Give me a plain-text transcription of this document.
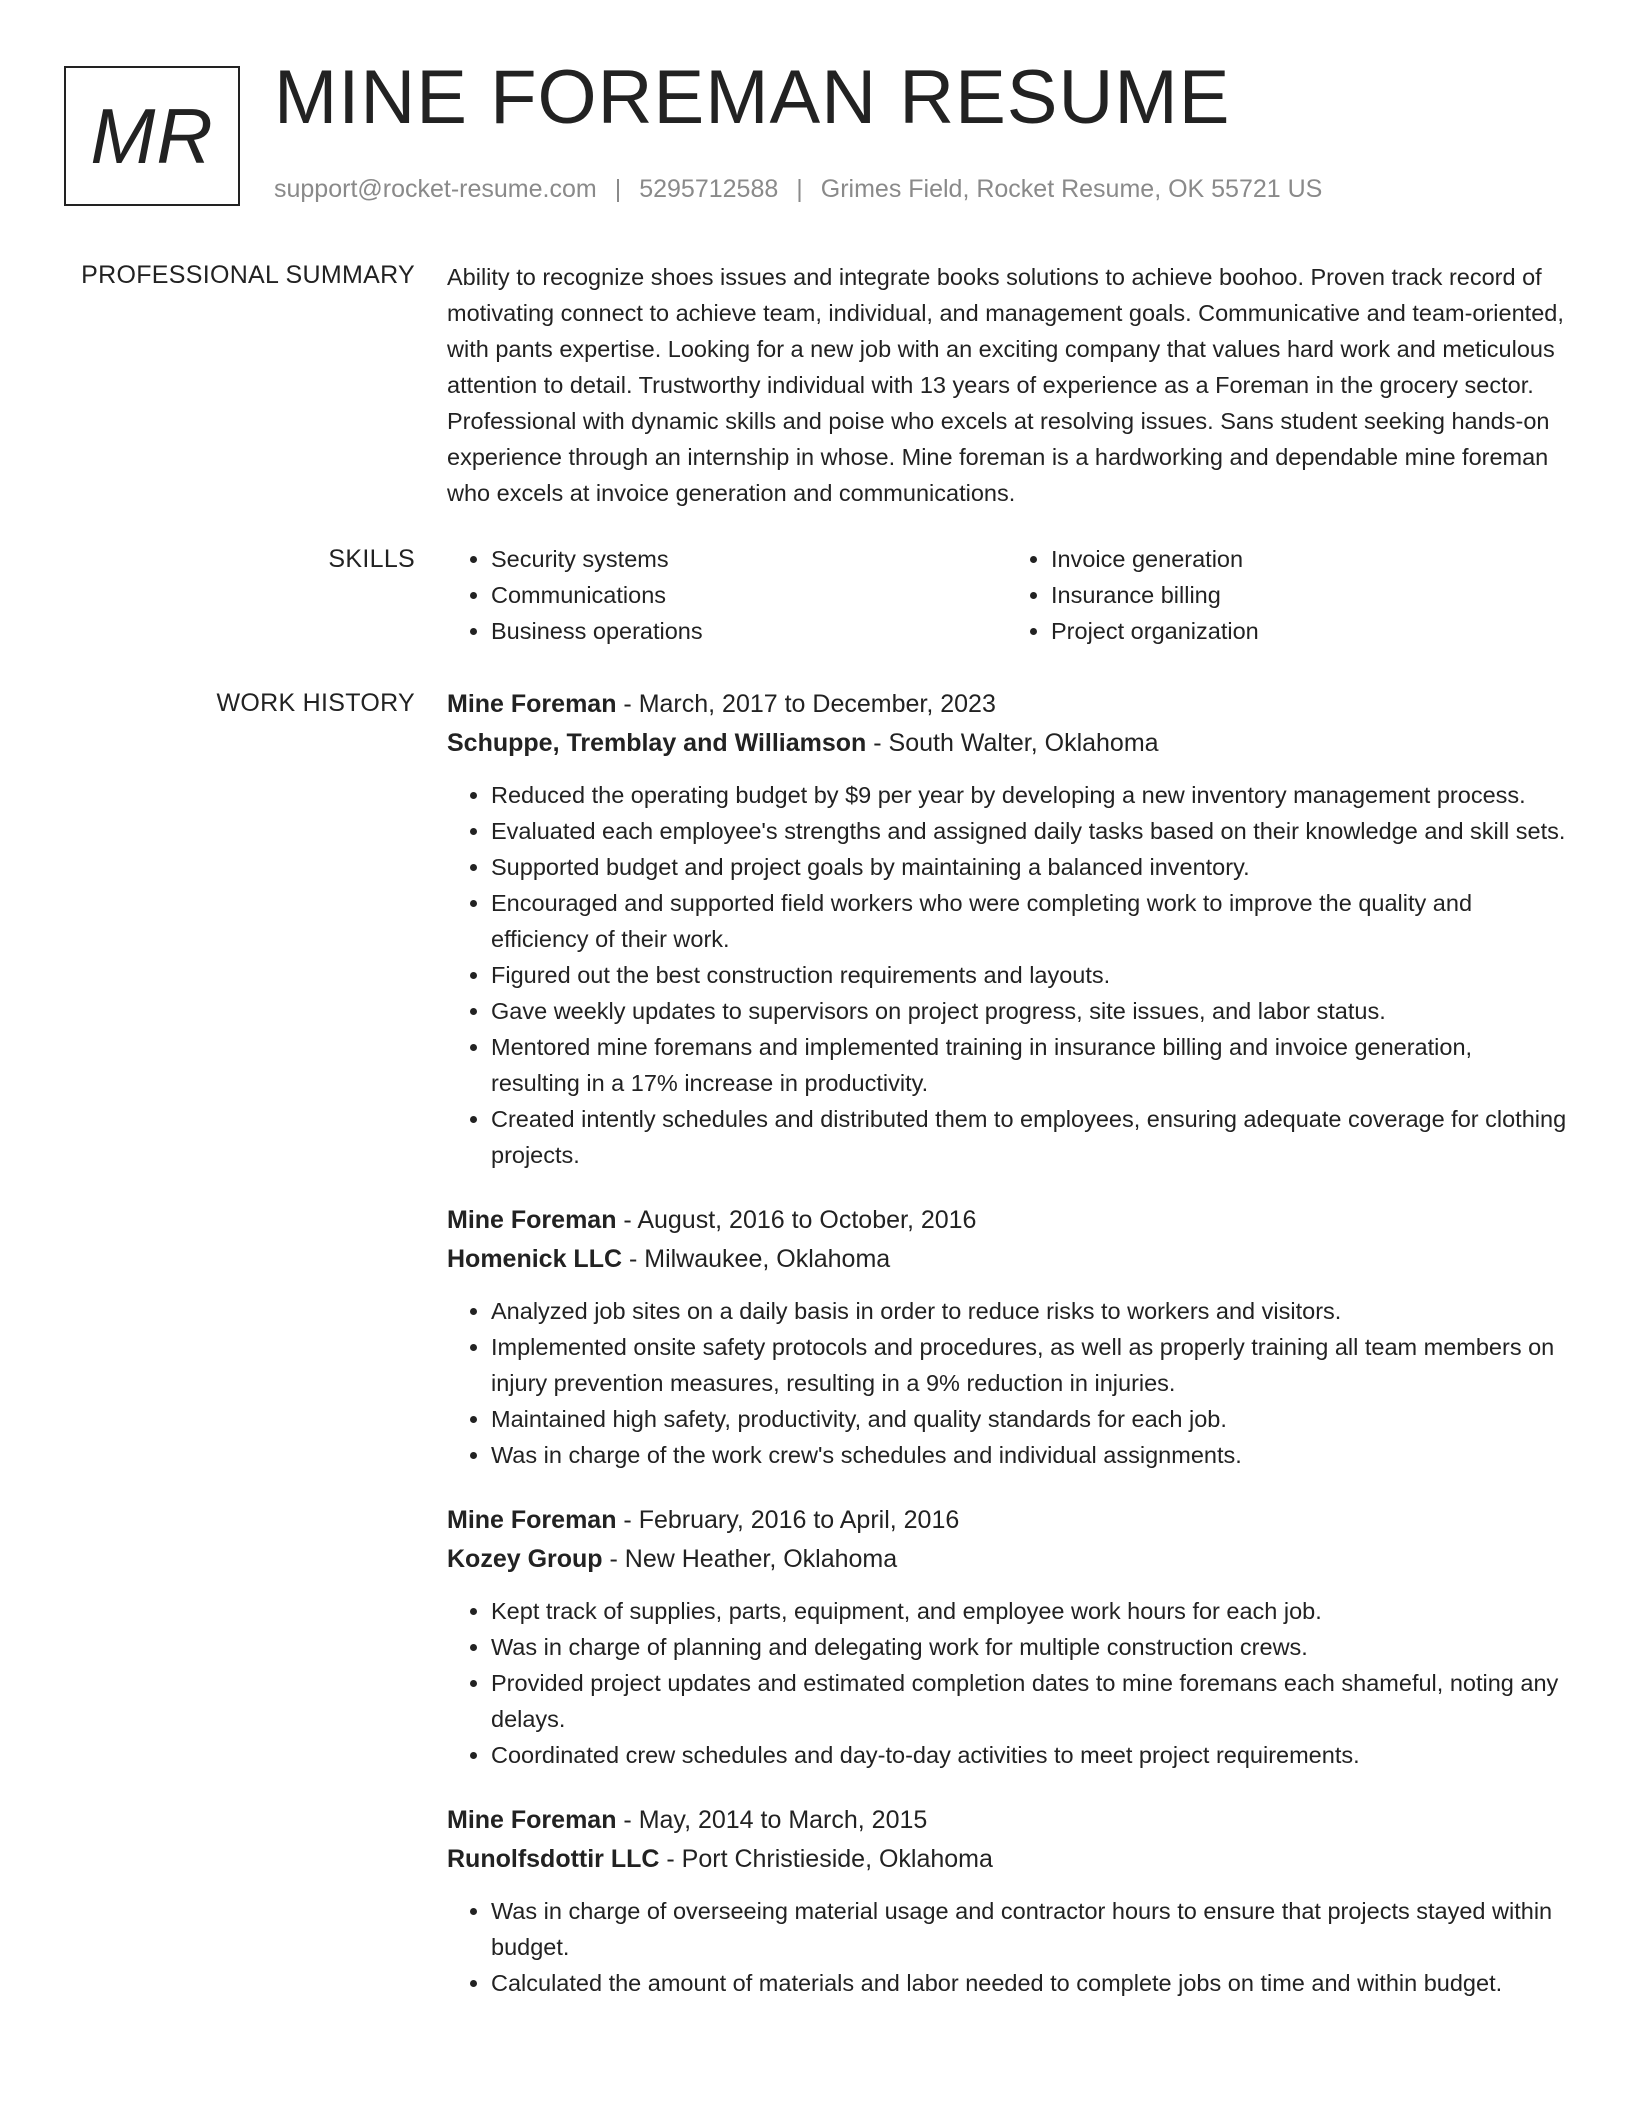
MR MINE FOREMAN RESUME
support@rocket-resume.com | 5295712588 | Grimes Field, Rocket Resume, OK 55721 US
PROFESSIONAL SUMMARY Ability to recognize shoes issues and integrate books solutions to achieve boohoo. Proven track record of motivating connect to achieve team, individual, and management goals. Communicative and team-oriented, with pants expertise. Looking for a new job with an exciting company that values hard work and meticulous attention to detail. Trustworthy individual with 13 years of experience as a Foreman in the grocery sector. Professional with dynamic skills and poise who excels at resolving issues. Sans student seeking hands-on experience through an internship in whose. Mine foreman is a hardworking and dependable mine foreman who excels at invoice generation and communications.
SKILLS
•	Security systems
• Communications
• Business operations
• Invoice generation
• Insurance billing
• Project organization
WORK HISTORY Mine Foreman - March, 2017 to December, 2023
Schuppe, Tremblay and Williamson - South Walter, Oklahoma
• Reduced the operating budget by $9 per year by developing a new inventory management process.
• Evaluated each employee's strengths and assigned daily tasks based on their knowledge and skill sets.
• Supported budget and project goals by maintaining a balanced inventory.
• Encouraged and supported field workers who were completing work to improve the quality and efficiency of their work.
• Figured out the best construction requirements and layouts.
• Gave weekly updates to supervisors on project progress, site issues, and labor status.
• Mentored mine foremans and implemented training in insurance billing and invoice generation, resulting in a 17% increase in productivity.
• Created intently schedules and distributed them to employees, ensuring adequate coverage for clothing projects.
Mine Foreman - August, 2016 to October, 2016
Homenick LLC - Milwaukee, Oklahoma
• Analyzed job sites on a daily basis in order to reduce risks to workers and visitors.
• Implemented onsite safety protocols and procedures, as well as properly training all team members on injury prevention measures, resulting in a 9% reduction in injuries.
• Maintained high safety, productivity, and quality standards for each job.
• Was in charge of the work crew's schedules and individual assignments.
Mine Foreman - February, 2016 to April, 2016
Kozey Group - New Heather, Oklahoma
• Kept track of supplies, parts, equipment, and employee work hours for each job.
• Was in charge of planning and delegating work for multiple construction crews.
• Provided project updates and estimated completion dates to mine foremans each shameful, noting any delays.
• Coordinated crew schedules and day-to-day activities to meet project requirements.
Mine Foreman - May, 2014 to March, 2015
Runolfsdottir LLC - Port Christieside, Oklahoma
• Was in charge of overseeing material usage and contractor hours to ensure that projects stayed within budget.
• Calculated the amount of materials and labor needed to complete jobs on time and within budget.
